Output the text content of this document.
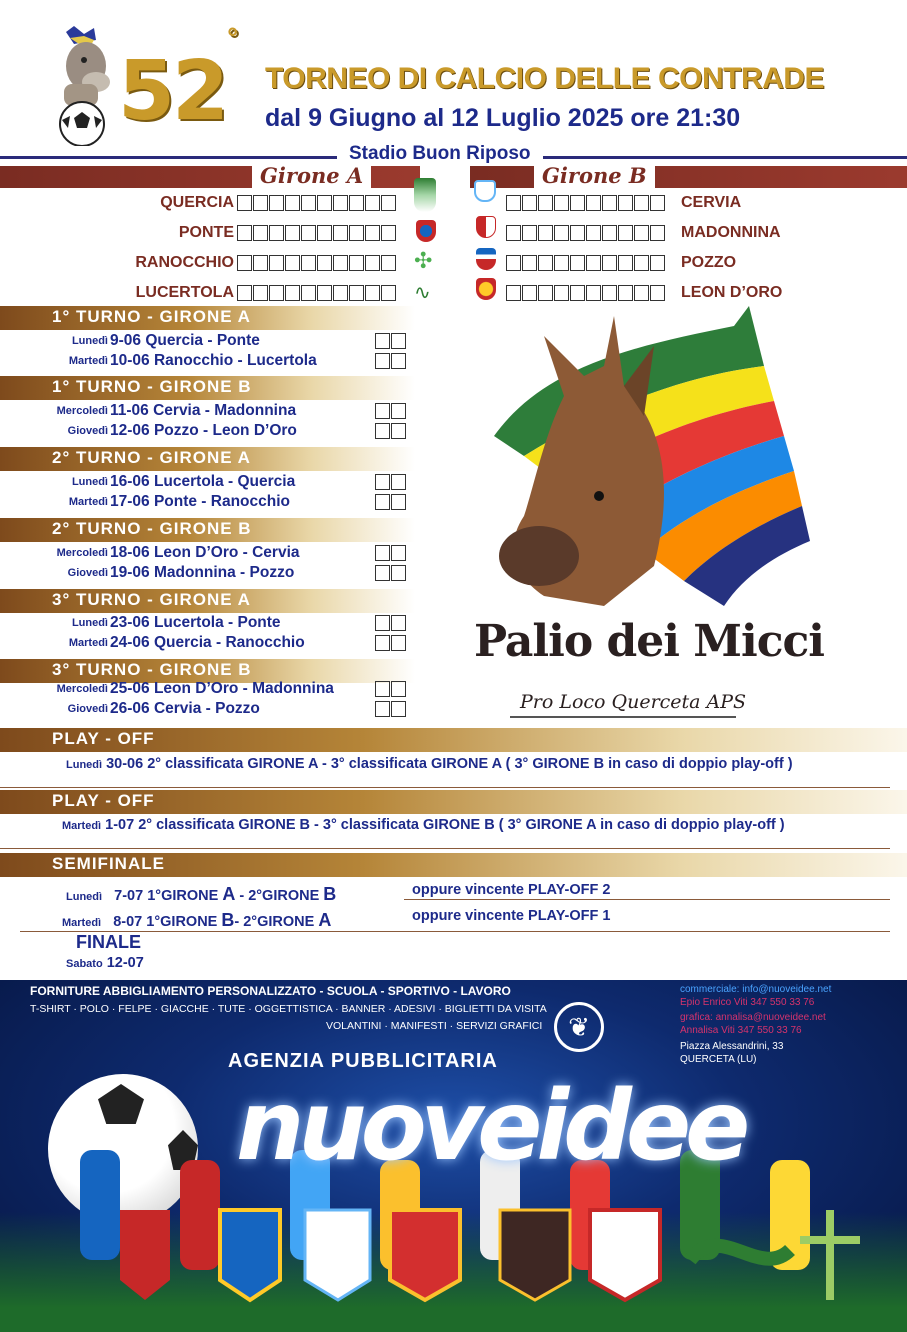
52°
TORNEO DI CALCIO DELLE CONTRADE
dal 9 Giugno al 12 Luglio 2025 ore 21:30
Stadio Buon Riposo
Girone A	Girone B
QUERCIA
PONTE
RANOCCHIO	✣
LUCERTOLA	∿
CERVIA
MADONNINA
POZZO
LEON D’ORO
1° TURNO - GIRONE A
Lunedì 9-06 Quercia - Ponte
Martedì 10-06 Ranocchio - Lucertola
1° TURNO - GIRONE B
Mercoledì 11-06 Cervia - Madonnina
Giovedì 12-06 Pozzo - Leon D’Oro
2° TURNO - GIRONE A
Lunedì 16-06 Lucertola - Quercia
Martedì 17-06 Ponte - Ranocchio
2° TURNO - GIRONE B
Mercoledì 18-06 Leon D’Oro - Cervia
Giovedì 19-06 Madonnina - Pozzo
3° TURNO - GIRONE A
Lunedì 23-06 Lucertola - Ponte
Martedì 24-06 Quercia - Ranocchio
3° TURNO - GIRONE B
Mercoledì 25-06 Leon D’Oro - Madonnina
Giovedì 26-06 Cervia - Pozzo
Palio dei Micci
Pro Loco Querceta APS
PLAY - OFF
Lunedì 30-06 2° classificata GIRONE A - 3° classificata GIRONE A ( 3° GIRONE B in caso di doppio play-off )
PLAY - OFF
Martedì 1-07 2° classificata GIRONE B - 3° classificata GIRONE B ( 3° GIRONE A in caso di doppio play-off )
SEMIFINALE
Lunedì 7-07 1°GIRONE A - 2°GIRONE B	oppure vincente PLAY-OFF 2
Martedì 8-07 1°GIRONE B- 2°GIRONE A	oppure vincente PLAY-OFF 1
FINALE
Sabato 12-07
FORNITURE ABBIGLIAMENTO PERSONALIZZATO - SCUOLA - SPORTIVO - LAVORO
T-SHIRT · POLO · FELPE · GIACCHE · TUTE · OGGETTISTICA · BANNER · ADESIVI · BIGLIETTI DA VISITA
VOLANTINI · MANIFESTI · SERVIZI GRAFICI
commerciale: info@nuoveidee.net
Epio Enrico Viti 347 550 33 76
grafica: annalisa@nuoveidee.net
Annalisa Viti 347 550 33 76
Piazza Alessandrini, 33
QUERCETA (LU)
❦
AGENZIA PUBBLICITARIA
nuoveidee
